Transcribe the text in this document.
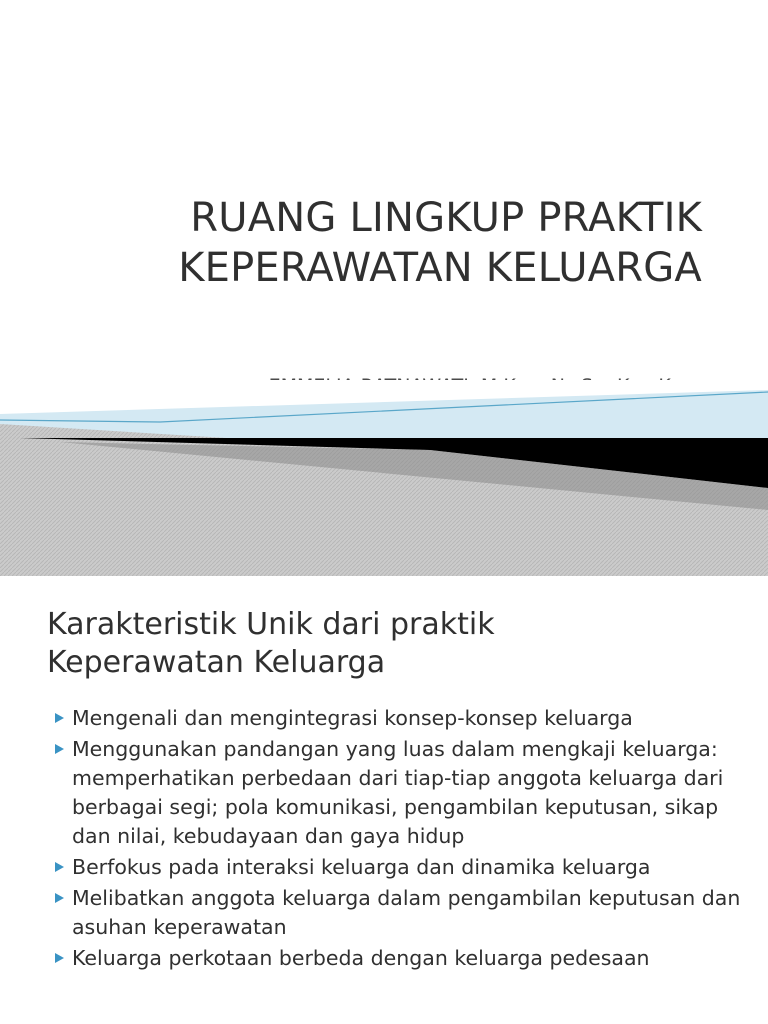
RUANG LINGKUP PRAKTIK
KEPERAWATAN KELUARGA
Karakteristik Unik dari praktik
Keperawatan Keluarga
Mengenali dan mengintegrasi konsep-konsep keluarga
Menggunakan pandangan yang luas dalam mengkaji keluarga: memperhatikan perbedaan dari tiap-tiap anggota keluarga dari berbagai segi; pola komunikasi, pengambilan keputusan, sikap dan nilai, kebudayaan dan gaya hidup
Berfokus pada interaksi keluarga dan dinamika keluarga
Melibatkan anggota keluarga dalam pengambilan keputusan dan asuhan keperawatan
Keluarga perkotaan berbeda dengan keluarga pedesaan
